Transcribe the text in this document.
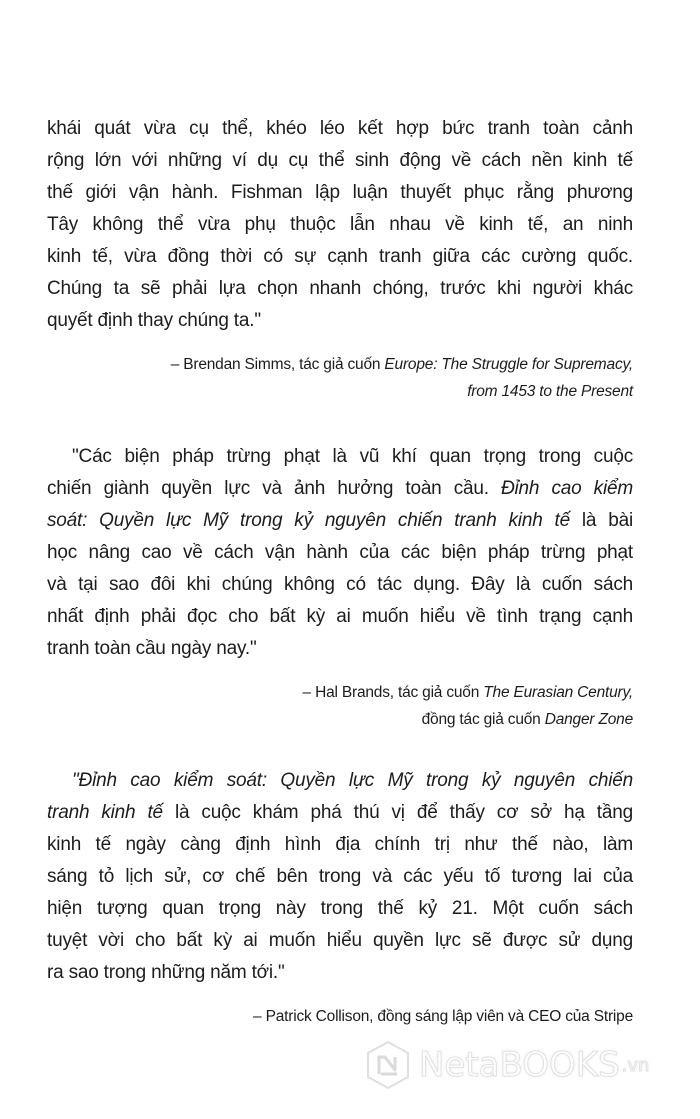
khái quát vừa cụ thể, khéo léo kết hợp bức tranh toàn cảnh
rộng lớn với những ví dụ cụ thể sinh động về cách nền kinh tế
thế giới vận hành. Fishman lập luận thuyết phục rằng phương
Tây không thể vừa phụ thuộc lẫn nhau về kinh tế, an ninh
kinh tế, vừa đồng thời có sự cạnh tranh giữa các cường quốc.
Chúng ta sẽ phải lựa chọn nhanh chóng, trước khi người khác
quyết định thay chúng ta."
– Brendan Simms, tác giả cuốn Europe: The Struggle for Supremacy,
from 1453 to the Present
"Các biện pháp trừng phạt là vũ khí quan trọng trong cuộc
chiến giành quyền lực và ảnh hưởng toàn cầu. Đỉnh cao kiểm
soát: Quyền lực Mỹ trong kỷ nguyên chiến tranh kinh tế là bài
học nâng cao về cách vận hành của các biện pháp trừng phạt
và tại sao đôi khi chúng không có tác dụng. Đây là cuốn sách
nhất định phải đọc cho bất kỳ ai muốn hiểu về tình trạng cạnh
tranh toàn cầu ngày nay."
– Hal Brands, tác giả cuốn The Eurasian Century,
đồng tác giả cuốn Danger Zone
"Đỉnh cao kiểm soát: Quyền lực Mỹ trong kỷ nguyên chiến
tranh kinh tế là cuộc khám phá thú vị để thấy cơ sở hạ tầng
kinh tế ngày càng định hình địa chính trị như thế nào, làm
sáng tỏ lịch sử, cơ chế bên trong và các yếu tố tương lai của
hiện tượng quan trọng này trong thế kỷ 21. Một cuốn sách
tuyệt vời cho bất kỳ ai muốn hiểu quyền lực sẽ được sử dụng
ra sao trong những năm tới."
– Patrick Collison, đồng sáng lập viên và CEO của Stripe
NetaBOOKS .vn
